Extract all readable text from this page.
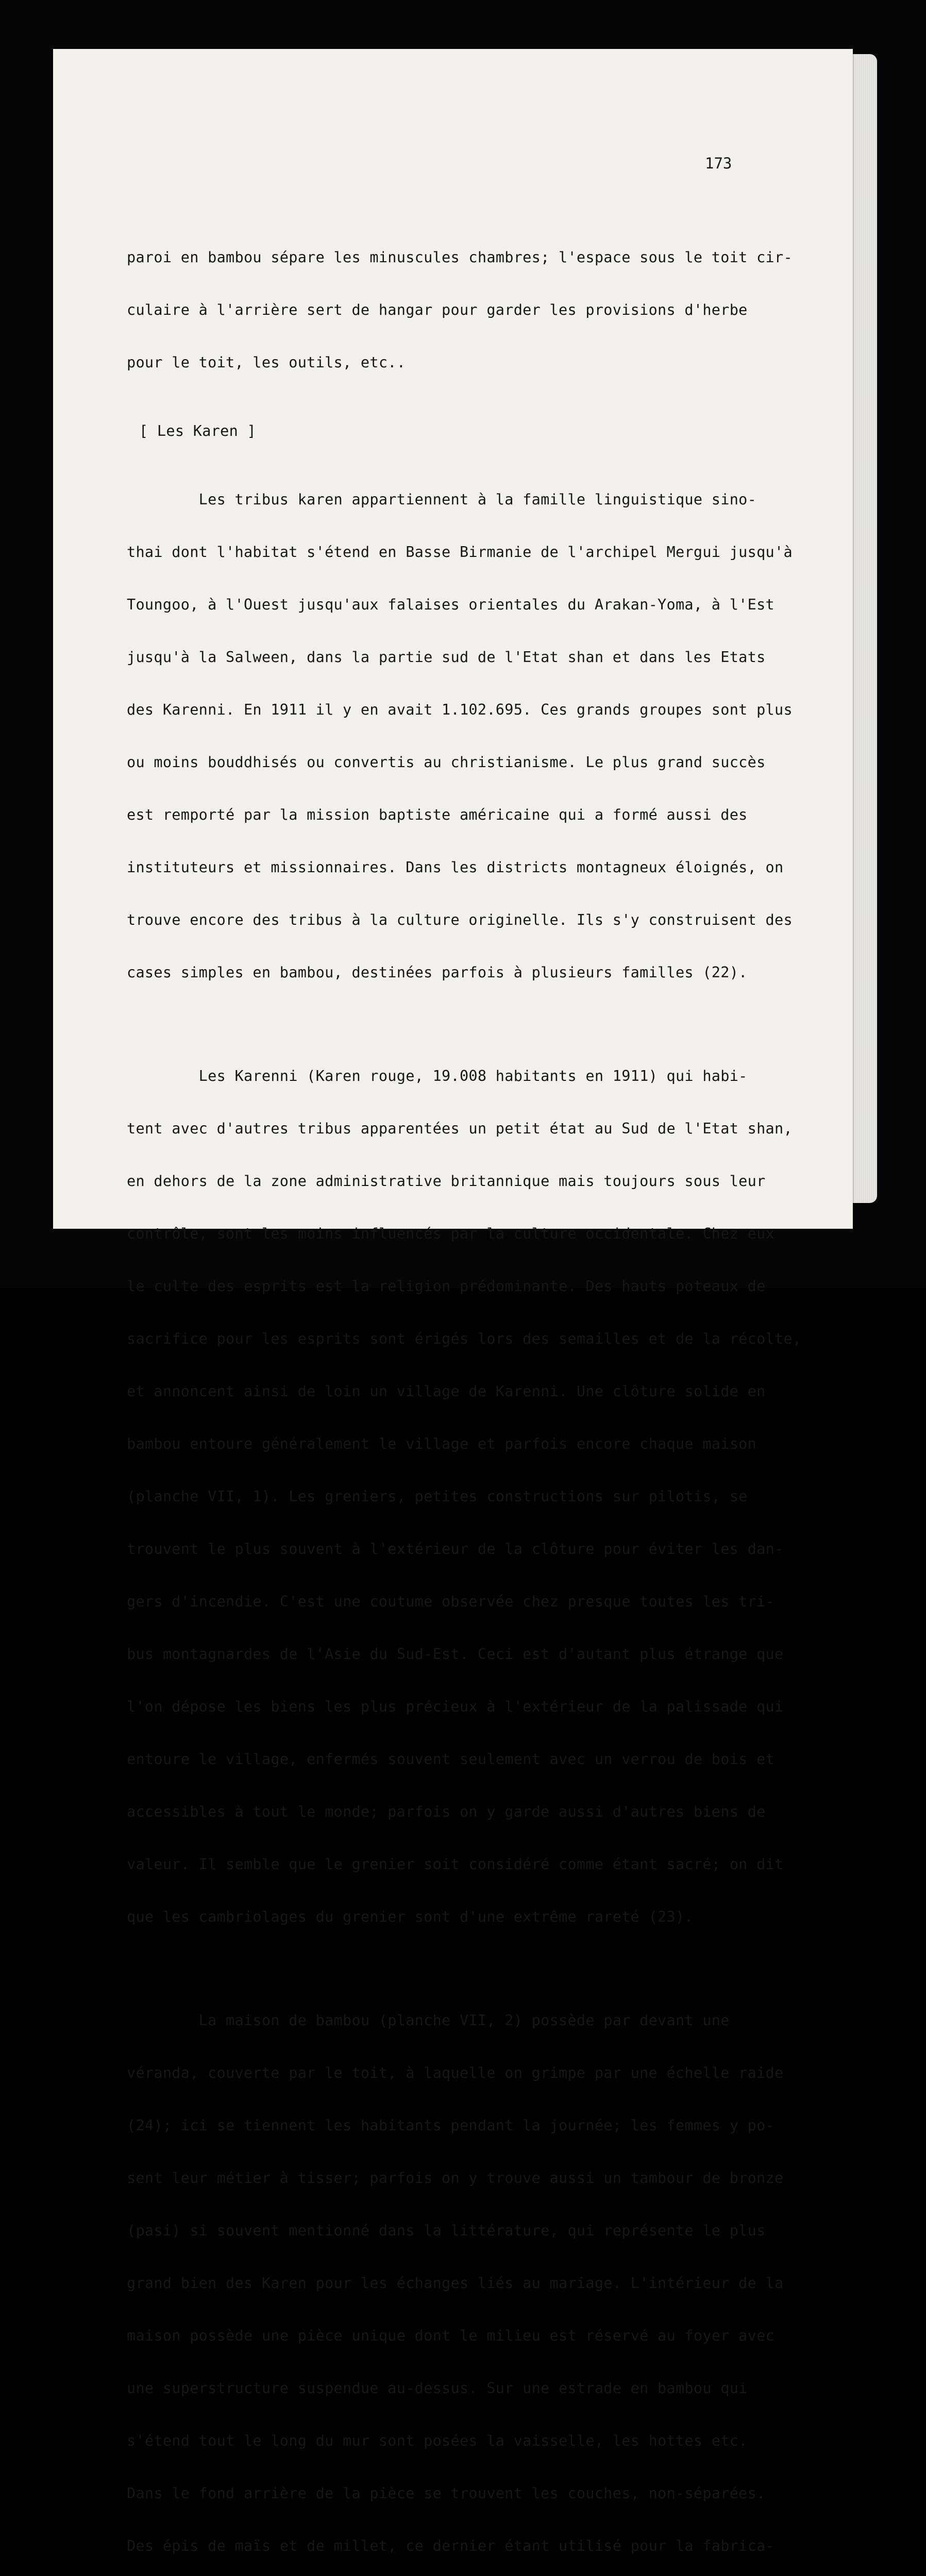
173

paroi en bambou sépare les minuscules chambres; l'espace sous le toit cir-

culaire à l'arrière sert de hangar pour garder les provisions d'herbe

pour le toit, les outils, etc..

[ Les Karen ]

Les tribus karen appartiennent à la famille linguistique sino-

thai dont l'habitat s'étend en Basse Birmanie de l'archipel Mergui jusqu'à

Toungoo, à l'Ouest jusqu'aux falaises orientales du Arakan-Yoma, à l'Est

jusqu'à la Salween, dans la partie sud de l'Etat shan et dans les Etats

des Karenni. En 1911 il y en avait 1.102.695. Ces grands groupes sont plus

ou moins bouddhisés ou convertis au christianisme. Le plus grand succès

est remporté par la mission baptiste américaine qui a formé aussi des

instituteurs et missionnaires. Dans les districts montagneux éloignés, on

trouve encore des tribus à la culture originelle. Ils s'y construisent des

cases simples en bambou, destinées parfois à plusieurs familles (22).

Les Karenni (Karen rouge, 19.008 habitants en 1911) qui habi-

tent avec d'autres tribus apparentées un petit état au Sud de l'Etat shan,

en dehors de la zone administrative britannique mais toujours sous leur

contrôle, sont les moins influencés par la culture occidentale. Chez eux

le culte des esprits est la religion prédominante. Des hauts poteaux de

sacrifice pour les esprits sont érigés lors des semailles et de la récolte,

et annoncent ainsi de loin un village de Karenni. Une clôture solide en

bambou entoure généralement le village et parfois encore chaque maison

(planche VII, 1). Les greniers, petites constructions sur pilotis, se

trouvent le plus souvent à l'extérieur de la clôture pour éviter les dan-

gers d'incendie. C'est une coutume observée chez presque toutes les tri-

bus montagnardes de l'Asie du Sud-Est. Ceci est d'autant plus étrange que

l'on dépose les biens les plus précieux à l'extérieur de la palissade qui

entoure le village, enfermés souvent seulement avec un verrou de bois et

accessibles à tout le monde; parfois on y garde aussi d'autres biens de

valeur. Il semble que le grenier soit considéré comme étant sacré; on dit

que les cambriolages du grenier sont d'une extrême rareté (23).

La maison de bambou (planche VII, 2) possède par devant une

véranda, couverte par le toit, à laquelle on grimpe par une échelle raide

(24); ici se tiennent les habitants pendant la journée; les femmes y po-

sent leur métier à tisser; parfois on y trouve aussi un tambour de bronze

(pasi) si souvent mentionné dans la littérature, qui représente le plus

grand bien des Karen pour les échanges liés au mariage. L'intérieur de la

maison possède une pièce unique dont le milieu est réservé au foyer avec

une superstructure suspendue au-dessus. Sur une estrade en bambou qui

s'étend tout le long du mur sont posées la vaisselle, les hottes etc.

Dans le fond arrière de la pièce se trouvent les couches, non-séparées.

Des épis de maïs et de millet, ce dernier étant utilisé pour la fabrica-
